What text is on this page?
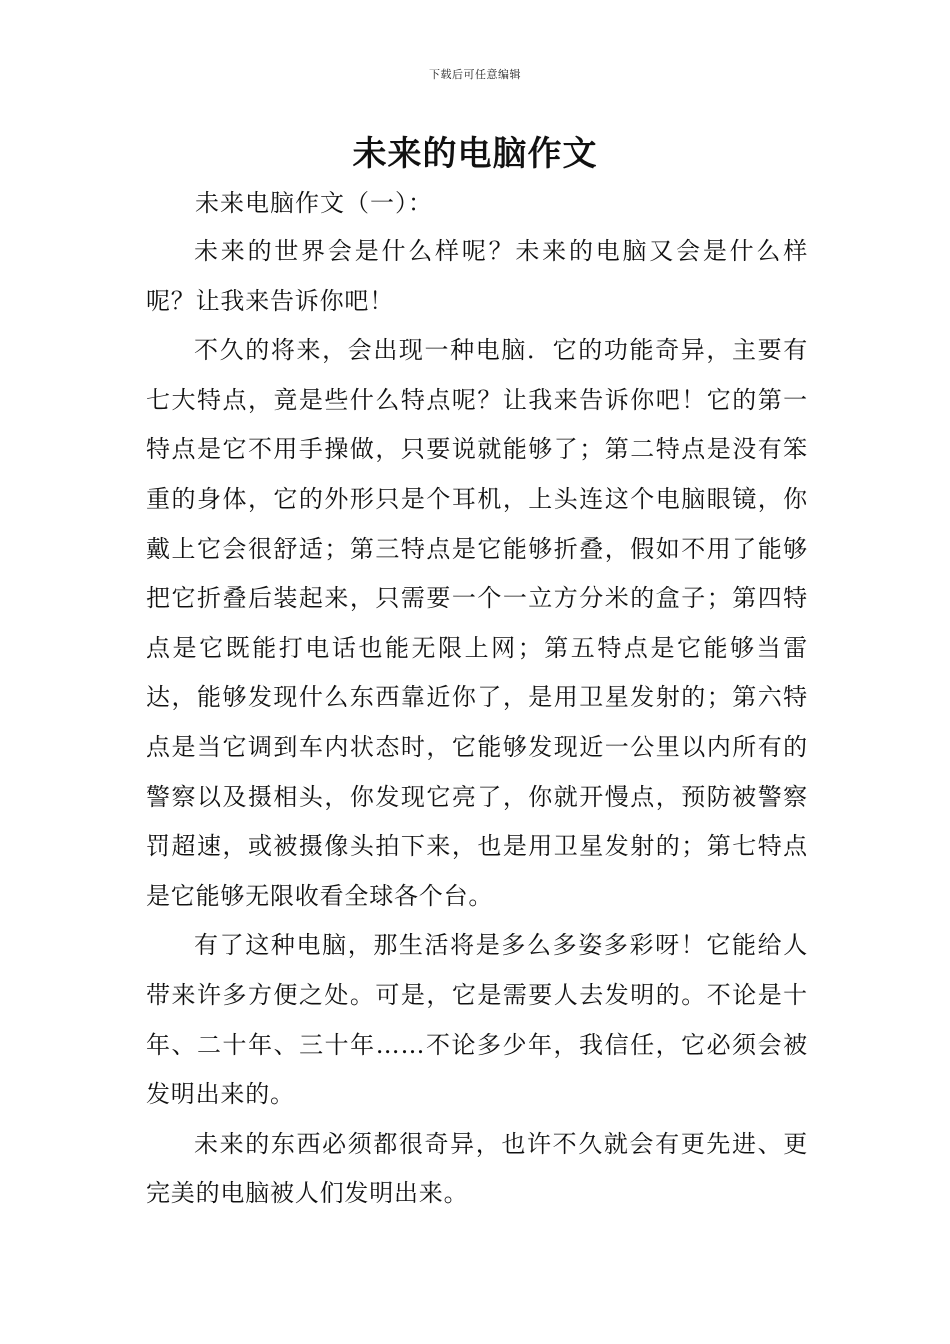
下载后可任意编辑
未来的电脑作文

未来电脑作文（一）：

未来的世界会是什么样呢？未来的电脑又会是什么样呢？让我来告诉你吧！

不久的将来，会出现一种电脑．它的功能奇异，主要有七大特点，竟是些什么特点呢？让我来告诉你吧！它的第一特点是它不用手操做，只要说就能够了；第二特点是没有笨重的身体，它的外形只是个耳机，上头连这个电脑眼镜，你戴上它会很舒适；第三特点是它能够折叠，假如不用了能够把它折叠后装起来，只需要一个一立方分米的盒子；第四特点是它既能打电话也能无限上网；第五特点是它能够当雷达，能够发现什么东西靠近你了，是用卫星发射的；第六特点是当它调到车内状态时，它能够发现近一公里以内所有的警察以及摄相头，你发现它亮了，你就开慢点，预防被警察罚超速，或被摄像头拍下来，也是用卫星发射的；第七特点是它能够无限收看全球各个台。

有了这种电脑，那生活将是多么多姿多彩呀！它能给人带来许多方便之处。可是，它是需要人去发明的。不论是十年、二十年、三十年……不论多少年，我信任，它必须会被发明出来的。

未来的东西必须都很奇异，也许不久就会有更先进、更完美的电脑被人们发明出来。
